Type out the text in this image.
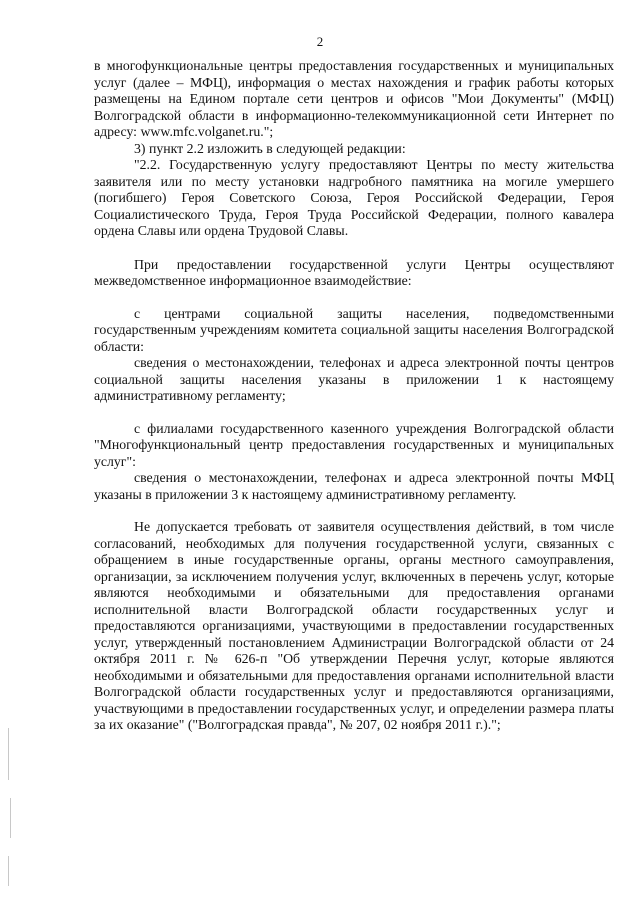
2

в многофункциональные центры предоставления государственных и муниципальных услуг (далее – МФЦ), информация о местах нахождения и график работы которых размещены на Едином портале сети центров и офисов "Мои Документы" (МФЦ) Волгоградской области в информационно-телекоммуникационной сети Интернет по адресу: www.mfc.volganet.ru.";

3) пункт 2.2 изложить в следующей редакции:

"2.2. Государственную услугу предоставляют Центры по месту жительства заявителя или по месту установки надгробного памятника на могиле умершего (погибшего) Героя Советского Союза, Героя Российской Федерации, Героя Социалистического Труда, Героя Труда Российской Федерации, полного кавалера ордена Славы или ордена Трудовой Славы.

При предоставлении государственной услуги Центры осуществляют межведомственное информационное взаимодействие:

с центрами социальной защиты населения, подведомственными государственным учреждениям комитета социальной защиты населения Волгоградской области:

сведения о местонахождении, телефонах и адреса электронной почты центров социальной защиты населения указаны в приложении 1 к настоящему административному регламенту;

с филиалами государственного казенного учреждения Волгоградской области "Многофункциональный центр предоставления государственных и муниципальных услуг":

сведения о местонахождении, телефонах и адреса электронной почты МФЦ указаны в приложении 3 к настоящему административному регламенту.

Не допускается требовать от заявителя осуществления действий, в том числе согласований, необходимых для получения государственной услуги, связанных с обращением в иные государственные органы, органы местного самоуправления, организации, за исключением получения услуг, включенных в перечень услуг, которые являются необходимыми и обязательными для предоставления органами исполнительной власти Волгоградской области государственных услуг и предоставляются организациями, участвующими в предоставлении государственных услуг, утвержденный постановлением Администрации Волгоградской области от 24 октября 2011 г. № 626-п "Об утверждении Перечня услуг, которые являются необходимыми и обязательными для предоставления органами исполнительной власти Волгоградской области государственных услуг и предоставляются организациями, участвующими в предоставлении государственных услуг, и определении размера платы за их оказание" ("Волгоградская правда", № 207, 02 ноября 2011 г.).";
